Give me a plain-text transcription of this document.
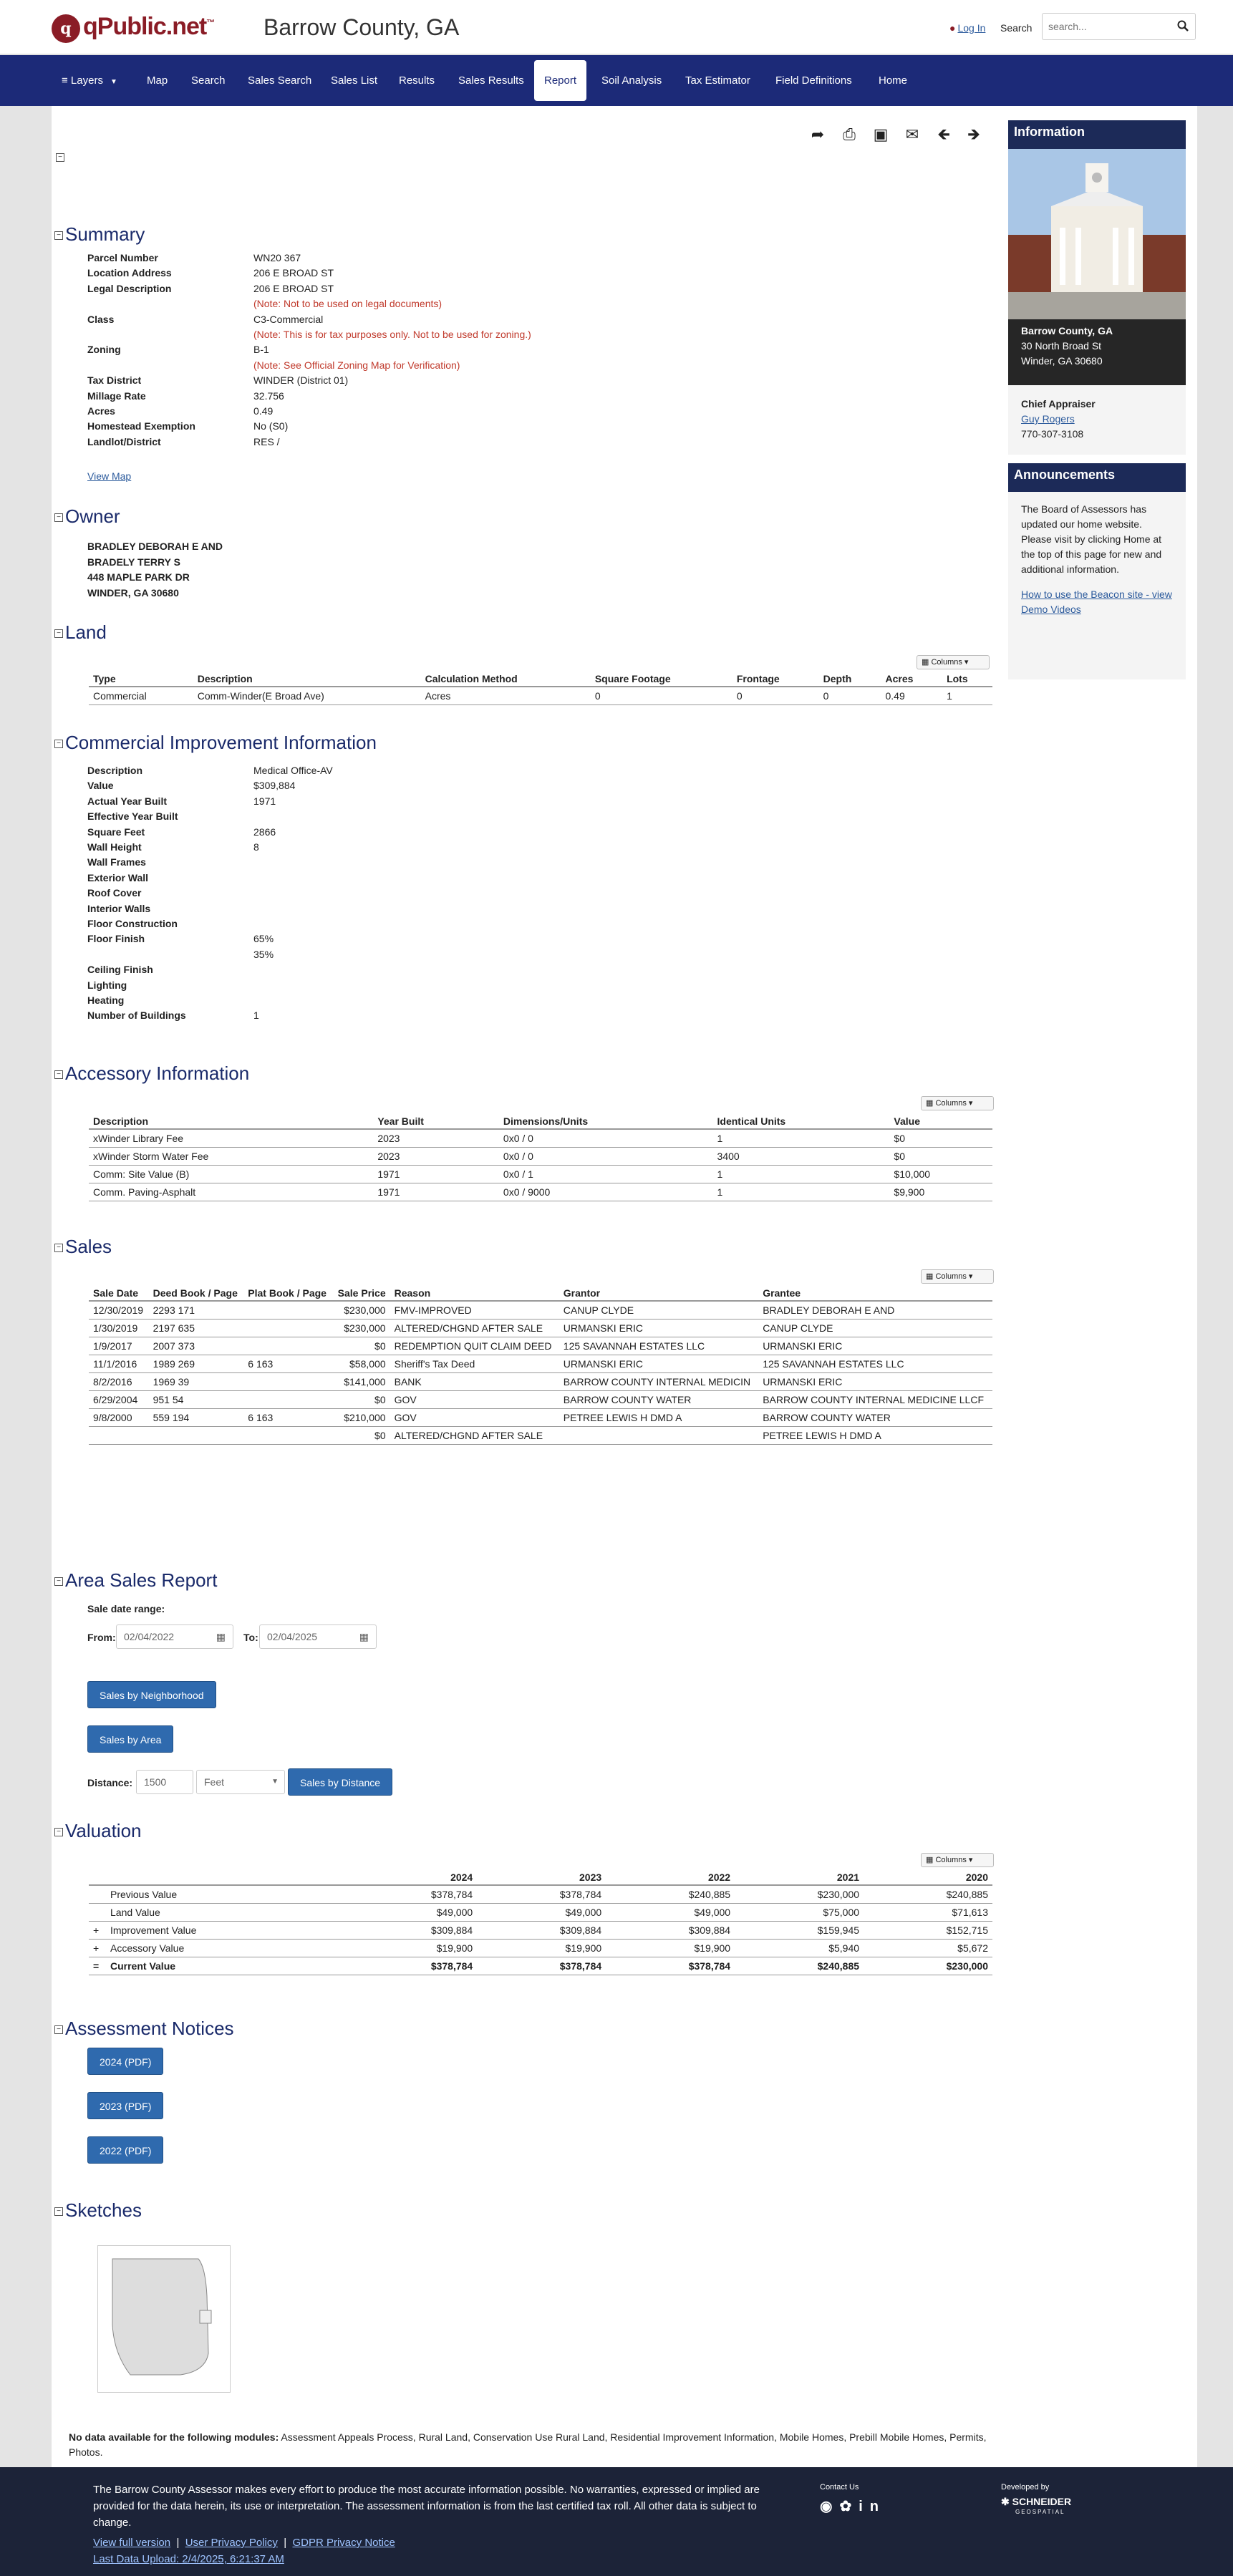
q qPublic.net™ Barrow County, GA	● Log In Search
search...
≡ Layers ▼	Map Search Sales Search Sales List Results Sales Results	Report	Soil Analysis Tax Estimator Field Definitions Home
➦ ⎙ ▣ ✉ 🡸 🡺
−
− Summary
Parcel Number	WN20 367
Location Address	206 E BROAD ST
Legal Description	206 E BROAD ST
(Note: Not to be used on legal documents)
Class	C3-Commercial
(Note: This is for tax purposes only. Not to be used for zoning.)
Zoning	B-1
(Note: See Official Zoning Map for Verification)
Tax District	WINDER (District 01)
Millage Rate	32.756
Acres	0.49
Homestead Exemption	No (S0)
Landlot/District	RES /
View Map
− Owner
BRADLEY DEBORAH E AND
BRADELY TERRY S
448 MAPLE PARK DR
WINDER, GA 30680
− Land
▦ Columns ▾
Type	Description	Calculation Method	Square Footage	Frontage	Depth	Acres	Lots
Commercial	Comm-Winder(E Broad Ave)	Acres	0	0	0	0.49	1
− Commercial Improvement Information
Description	Medical Office-AV
Value	$309,884
Actual Year Built	1971
Effective Year Built
Square Feet	2866
Wall Height	8
Wall Frames
Exterior Wall
Roof Cover
Interior Walls
Floor Construction
Floor Finish	65%
35%
Ceiling Finish
Lighting
Heating
Number of Buildings	1
− Accessory Information
▦ Columns ▾
Description	Year Built	Dimensions/Units	Identical Units	Value
xWinder Library Fee	2023	0x0 / 0	1	$0
xWinder Storm Water Fee	2023	0x0 / 0	3400	$0
Comm: Site Value (B)	1971	0x0 / 1	1	$10,000
Comm. Paving-Asphalt	1971	0x0 / 9000	1	$9,900
− Sales
▦ Columns ▾
Sale Date	Deed Book / Page	Plat Book / Page	Sale Price	Reason	Grantor	Grantee
12/30/2019	2293 171		$230,000	FMV-IMPROVED	CANUP CLYDE	BRADLEY DEBORAH E AND
1/30/2019	2197 635		$230,000	ALTERED/CHGND AFTER SALE	URMANSKI ERIC	CANUP CLYDE
1/9/2017	2007 373		$0	REDEMPTION QUIT CLAIM DEED	125 SAVANNAH ESTATES LLC	URMANSKI ERIC
11/1/2016	1989 269	6 163	$58,000	Sheriff's Tax Deed	URMANSKI ERIC	125 SAVANNAH ESTATES LLC
8/2/2016	1969 39		$141,000	BANK	BARROW COUNTY INTERNAL MEDICIN	URMANSKI ERIC
6/29/2004	951 54		$0	GOV	BARROW COUNTY WATER	BARROW COUNTY INTERNAL MEDICINE LLCF
9/8/2000	559 194	6 163	$210,000	GOV	PETREE LEWIS H DMD A	BARROW COUNTY WATER
			$0	ALTERED/CHGND AFTER SALE		PETREE LEWIS H DMD A
− Area Sales Report
Sale date range:
From: 02/04/2022	▦ To: 02/04/2025	▦
Sales by Neighborhood
Sales by Area
Distance:	1500	Feet	▼	Sales by Distance
− Valuation
▦ Columns ▾
		2024	2023	2022	2021	2020
	Previous Value	$378,784	$378,784	$240,885	$230,000	$240,885
	Land Value	$49,000	$49,000	$49,000	$75,000	$71,613
+	Improvement Value	$309,884	$309,884	$309,884	$159,945	$152,715
+	Accessory Value	$19,900	$19,900	$19,900	$5,940	$5,672
=	Current Value	$378,784	$378,784	$378,784	$240,885	$230,000
− Assessment Notices
2024 (PDF)
2023 (PDF)
2022 (PDF)
− Sketches
No data available for the following modules: Assessment Appeals Process, Rural Land, Conservation Use Rural Land, Residential Improvement Information, Mobile Homes, Prebill Mobile Homes, Permits, Photos.
Information
Barrow County, GA
30 North Broad St
Winder, GA 30680
Chief Appraiser
Guy Rogers
770-307-3108
Announcements
The Board of Assessors has updated our home website. Please visit by clicking Home at the top of this page for new and additional information.
How to use the Beacon site - view Demo Videos
The Barrow County Assessor makes every effort to produce the most accurate information possible. No warranties, expressed or implied are provided for the data herein, its use or interpretation. The assessment information is from the last certified tax roll. All other data is subject to change.
View full version  |  User Privacy Policy  |  GDPR Privacy Notice
Last Data Upload: 2/4/2025, 6:21:37 AM
Contact Us
◉✿in
Developed by
✱ SCHNEIDER
GEOSPATIAL
